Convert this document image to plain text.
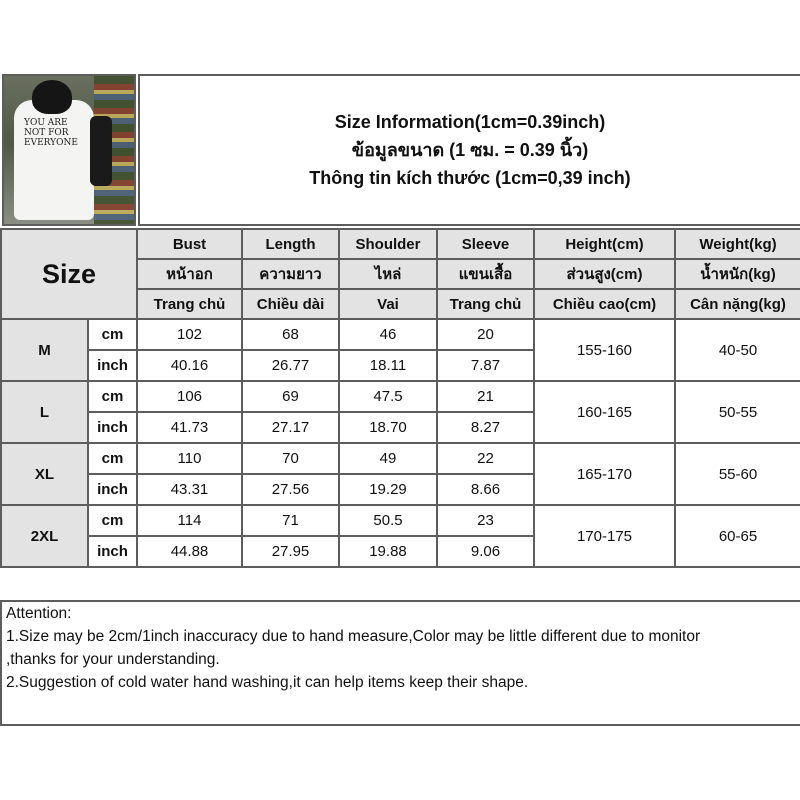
YOU ARE
NOT FOR
EVERYONE
Size Information(1cm=0.39inch)
ข้อมูลขนาด (1 ซม. = 0.39 นิ้ว)
Thông tin kích thước (1cm=0,39 inch)
Size		Bust	Length	Shoulder	Sleeve	Height(cm)	Weight(kg)
		หน้าอก	ความยาว	ไหล่	แขนเสื้อ	ส่วนสูง(cm)	น้ำหนัก(kg)
		Trang chủ	Chiều dài	Vai	Trang chủ	Chiều cao(cm)	Cân nặng(kg)
M	cm	102	68	46	20	155-160	40-50
	inch	40.16	26.77	18.11	7.87		
L	cm	106	69	47.5	21	160-165	50-55
	inch	41.73	27.17	18.70	8.27		
XL	cm	110	70	49	22	165-170	55-60
	inch	43.31	27.56	19.29	8.66		
2XL	cm	114	71	50.5	23	170-175	60-65
	inch	44.88	27.95	19.88	9.06		
Attention:
1.Size may be 2cm/1inch inaccuracy due to hand measure,Color may be little different due to monitor
,thanks for your understanding.
2.Suggestion of cold water hand washing,it can help items keep their shape.
